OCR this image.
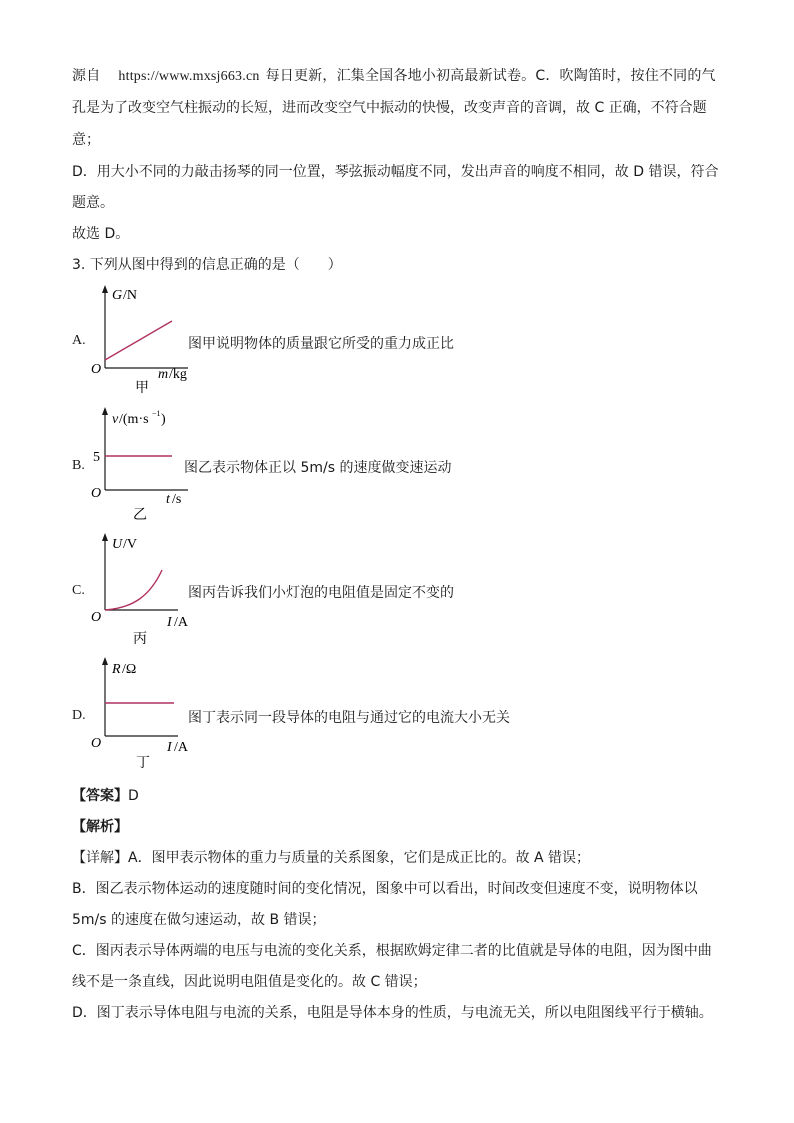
源自 https://www.mxsj663.cn 每日更新，汇集全国各地小初高最新试卷。C．吹陶笛时，按住不同的气
孔是为了改变空气柱振动的长短，进而改变空气中振动的快慢，改变声音的音调，故 C 正确，不符合题
意；
D．用大小不同的力敲击扬琴的同一位置，琴弦振动幅度不同，发出声音的响度不相同，故 D 错误，符合
题意。
故选 D。
3. 下列从图中得到的信息正确的是（　　）
A.
G /N
O	m /kg
甲
图甲说明物体的质量跟它所受的重力成正比
B.
5
v /(m·s −1 )
O	t /s
乙
图乙表示物体正以 5m/s 的速度做变速运动
C.
U /V
O	I /A
丙
图丙告诉我们小灯泡的电阻值是固定不变的
D.
R /Ω
O	I /A
丁
图丁表示同一段导体的电阻与通过它的电流大小无关
【答案】D
【解析】
【详解】A．图甲表示物体的重力与质量的关系图象，它们是成正比的。故 A 错误；
B．图乙表示物体运动的速度随时间的变化情况，图象中可以看出，时间改变但速度不变，说明物体以
5m/s 的速度在做匀速运动，故 B 错误；
C．图丙表示导体两端的电压与电流的变化关系，根据欧姆定律二者的比值就是导体的电阻，因为图中曲
线不是一条直线，因此说明电阻值是变化的。故 C 错误；
D．图丁表示导体电阻与电流的关系，电阻是导体本身的性质，与电流无关，所以电阻图线平行于横轴。
